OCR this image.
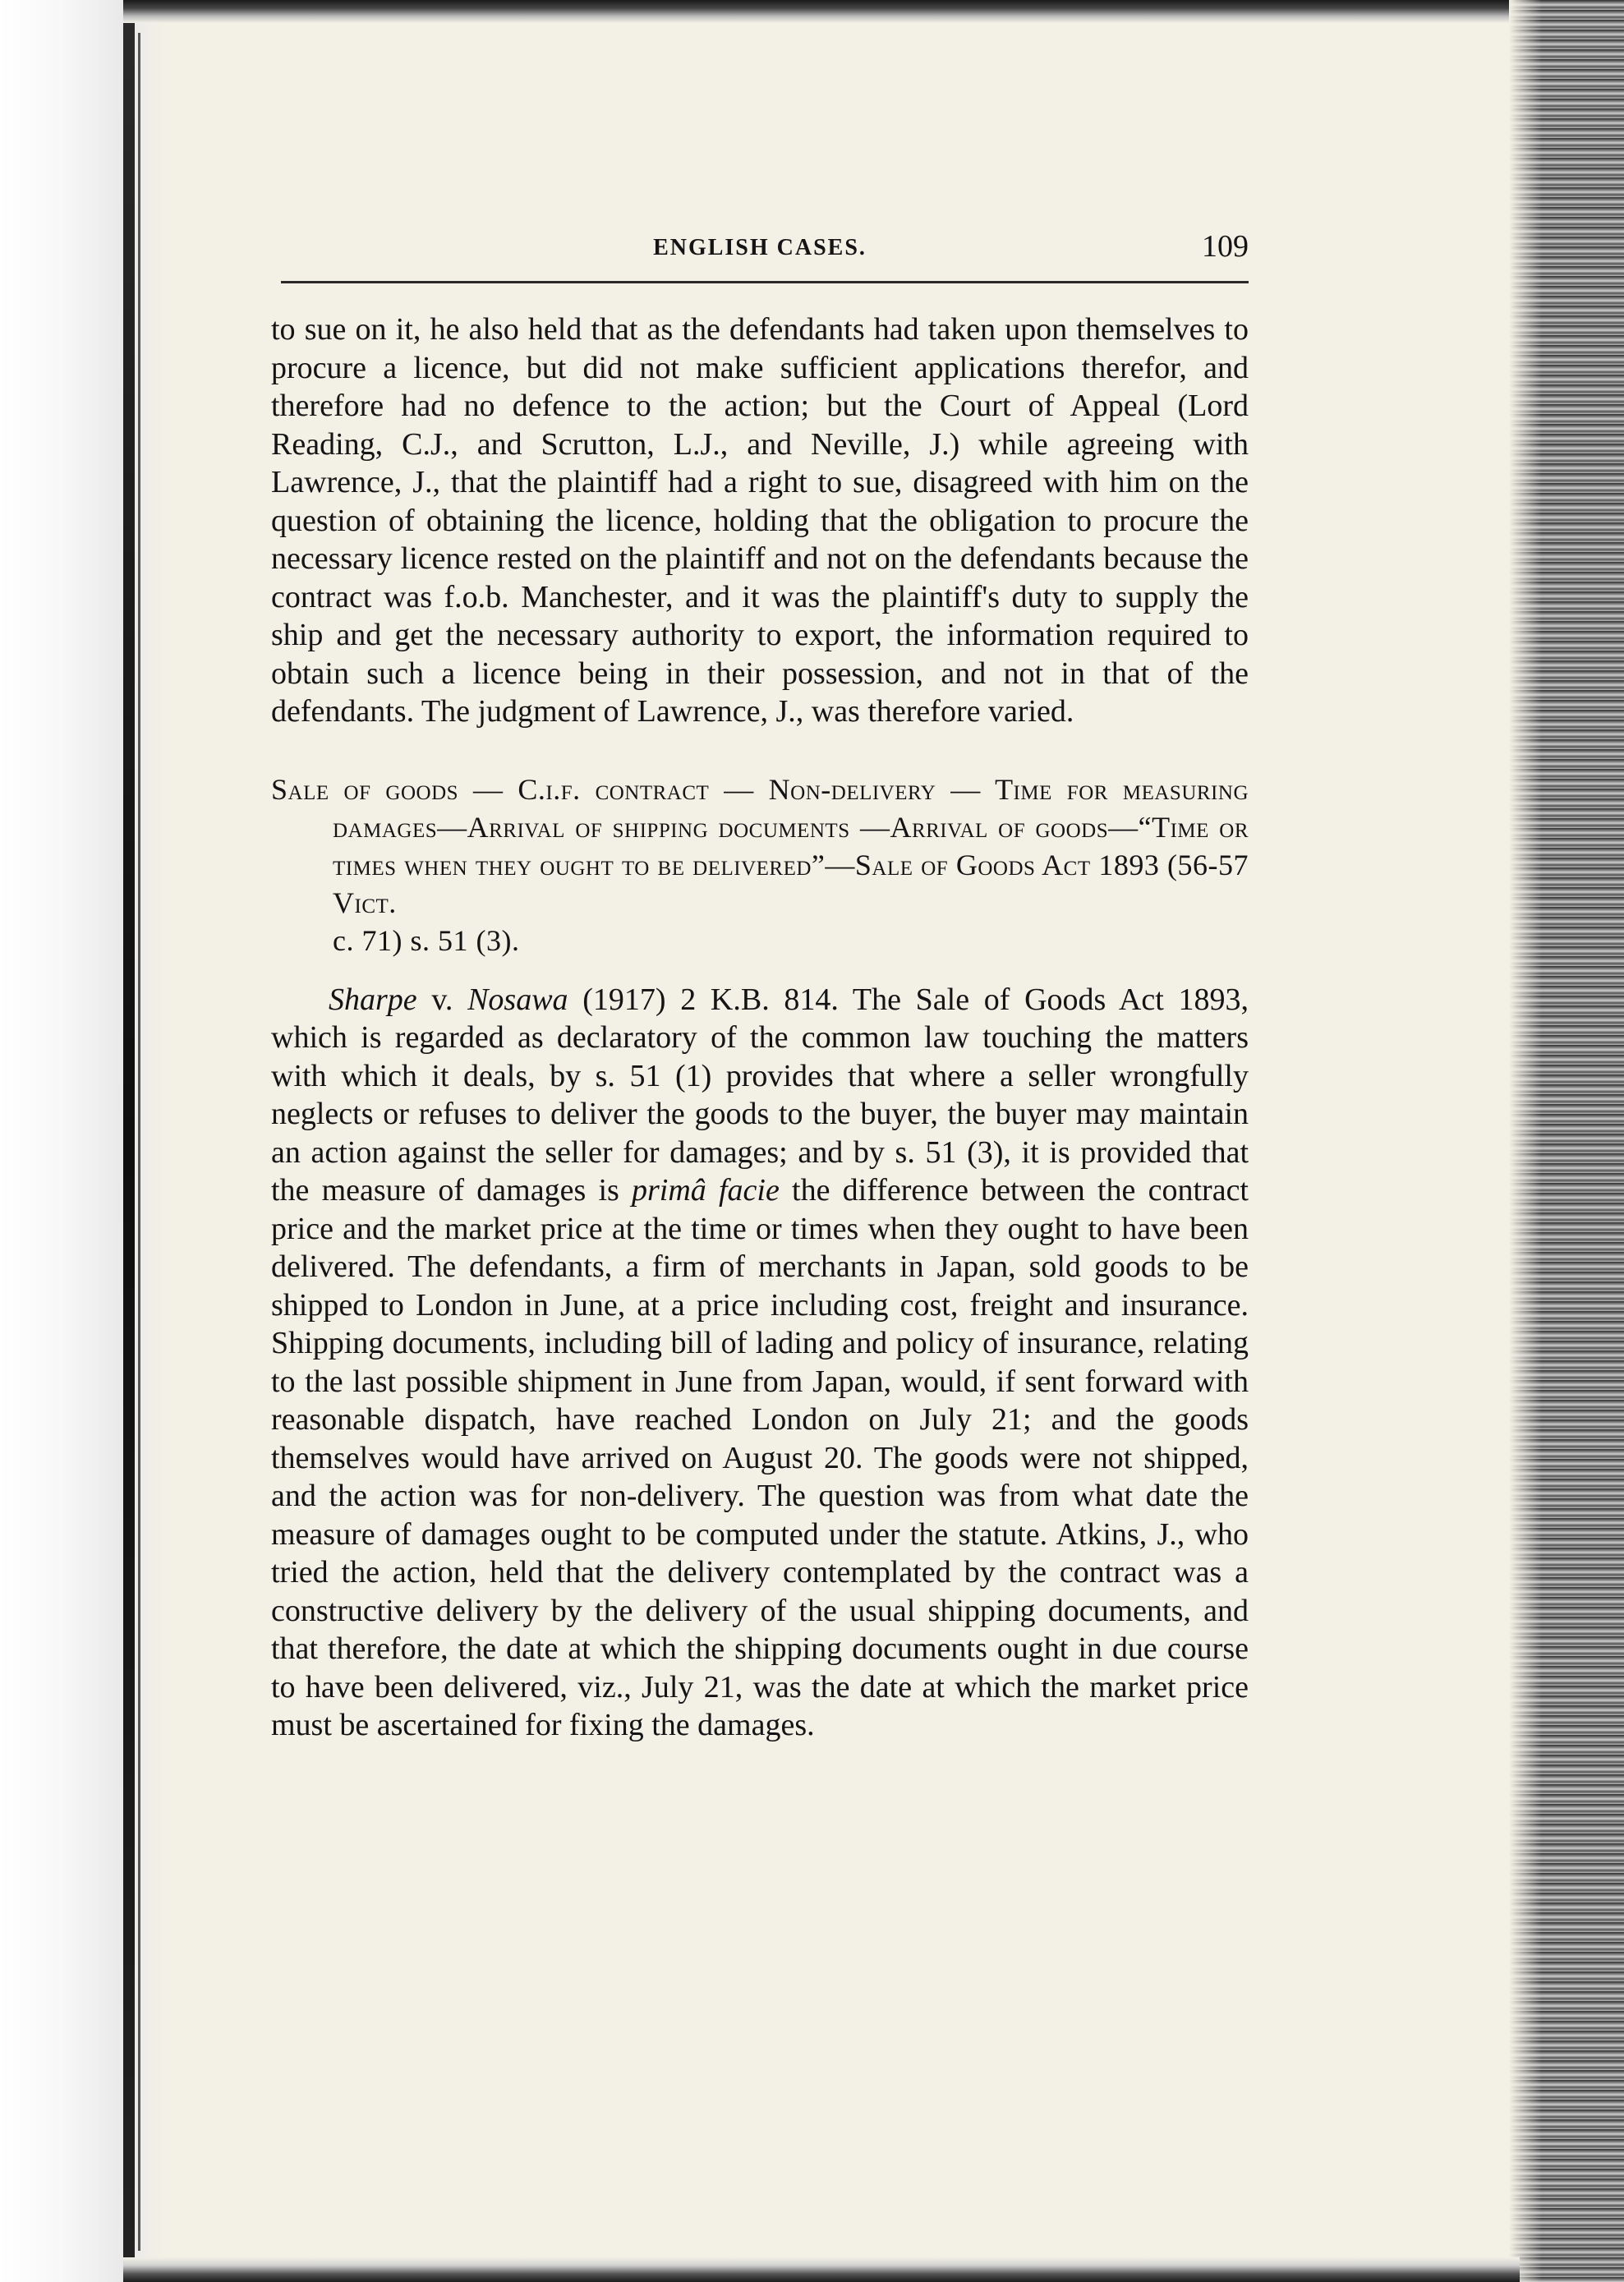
ENGLISH CASES.	109

to sue on it, he also held that as the defendants had taken upon themselves to procure a licence, but did not make sufficient applications therefor, and therefore had no defence to the action; but the Court of Appeal (Lord Reading, C.J., and Scrutton, L.J., and Neville, J.) while agreeing with Lawrence, J., that the plaintiff had a right to sue, disagreed with him on the question of obtaining the licence, holding that the obligation to procure the necessary licence rested on the plaintiff and not on the defendants because the contract was f.o.b. Manchester, and it was the plaintiff's duty to supply the ship and get the necessary authority to export, the information required to obtain such a licence being in their possession, and not in that of the defendants. The judgment of Lawrence, J., was therefore varied.

Sale of goods — C.i.f. contract — Non-delivery — Time for measuring damages—Arrival of shipping documents —Arrival of goods—“Time or times when they ought to be delivered”—Sale of Goods Act 1893 (56-57 Vict.
c. 71) s. 51 (3).

Sharpe v. Nosawa (1917) 2 K.B. 814. The Sale of Goods Act 1893, which is regarded as declaratory of the common law touching the matters with which it deals, by s. 51 (1) provides that where a seller wrongfully neglects or refuses to deliver the goods to the buyer, the buyer may maintain an action against the seller for damages; and by s. 51 (3), it is provided that the measure of damages is primâ facie the difference between the contract price and the market price at the time or times when they ought to have been delivered. The defendants, a firm of merchants in Japan, sold goods to be shipped to London in June, at a price including cost, freight and insurance. Shipping documents, including bill of lading and policy of insurance, relating to the last possible shipment in June from Japan, would, if sent forward with reasonable dispatch, have reached London on July 21; and the goods themselves would have arrived on August 20. The goods were not shipped, and the action was for non-delivery. The question was from what date the measure of damages ought to be computed under the statute. Atkins, J., who tried the action, held that the delivery contemplated by the contract was a constructive delivery by the delivery of the usual shipping documents, and that therefore, the date at which the shipping documents ought in due course to have been delivered, viz., July 21, was the date at which the market price must be ascertained for fixing the damages.
